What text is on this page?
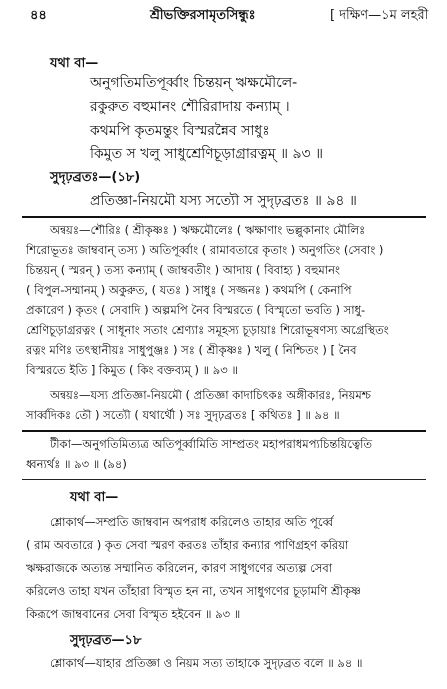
৪৪	শ্রীভক্তিরসামৃতসিন্ধুঃ	[ দক্ষিণ—১ম লহরী
যথা বা—
অনুগতিমতিপূর্ব্বাং চিন্তয়ন্ ঋক্ষমৌলে-
রকুরুত বহুমানং শৌরিরাদায় কন্যাম্ ।
কথমপি কৃতমন্তুং বিস্মরন্নৈব সাধুঃ
কিমুত স খলু সাধুশ্রেণিচূড়াগ্রারত্নম্ ॥ ৯৩ ॥
সুদৃঢ়ব্রতঃ—(১৮)
প্রতিজ্ঞা-নিয়মৌ যস্য সত্যৌ স সুদৃঢ়ব্রতঃ ॥ ৯৪ ॥
অন্বয়ঃ—শৌরিঃ ( শ্রীকৃষ্ণঃ ) ঋক্ষমৌলেঃ ( ঋক্ষাণাং ভল্লুকানাং মৌলিঃ
শিরোভূতঃ জাম্ববান্ তস্য ) অতিপূর্ব্বাং ( রামাবতারে কৃতাং ) অনুগতিং (সেবাং )
চিন্তয়ন্ ( স্মরন্ ) তস্য কন্যাম্ ( জাম্ববতীং ) আদায় ( বিবাহ্য ) বহুমানং
( বিপুল-সম্মানম্ ) অকুরুত, ( যতঃ ) সাধুঃ ( সজ্জনঃ ) কথমপি ( কেনাপি
প্রকারেণ ) কৃতং ( সেবাদি ) অল্পমপি নৈব বিস্মরতে ( বিস্মৃতো ভবতি ) সাধু-
শ্রেণিচূড়াগ্ররত্নং ( সাধূনাং সতাং শ্রেণ্যাঃ সমূহস্য চূড়ায়াঃ শিরোভূষণস্য অগ্রেস্থিতং
রত্নং মণিঃ তৎস্থানীয়ঃ সাধুপুঞ্জঃ ) সঃ ( শ্রীকৃষ্ণঃ ) খলু ( নিশ্চিতং ) [ নৈব
বিস্মরতে ইতি ] কিমুত ( কিং বক্তব্যম্ ) ॥ ৯৩ ॥
অন্বয়ঃ—যস্য প্রতিজ্ঞা-নিয়মৌ ( প্রতিজ্ঞা কাদাচিৎকঃ অঙ্গীকারঃ, নিয়মশ্চ
সার্ব্বদিকঃ তৌ ) সত্যৌ ( যথার্থৌ ) সঃ সুদৃঢ়ব্রতঃ [ কথিতঃ ] ॥ ৯৪ ॥
টীকা—অনুগতিমিত্যত্র অতিপূর্ব্বামিতি সাম্প্রতং মহাপরাধমপ্যচিন্তয়িত্বেতি
ধ্বন্যর্থঃ ॥ ৯৩ ॥ (৯৪)
যথা বা—
শ্লোকার্থ—সম্প্রতি জাম্ববান অপরাধ করিলেও তাহার অতি পূর্ব্বে
( রাম অবতারে ) কৃত সেবা স্মরণ করতঃ তাঁহার কন্যার পাণিগ্রহণ করিয়া
ঋক্ষরাজকে অত্যন্ত সম্মানিত করিলেন, কারণ সাধুগণের অত্যল্প সেবা
করিলেও তাহা যখন তাঁহারা বিস্মৃত হন না, তখন সাধুগণের চূড়ামণি শ্রীকৃষ্ণ
কিরূপে জাম্ববানের সেবা বিস্মৃত হইবেন ॥ ৯৩ ॥
সুদৃঢ়ব্রত—১৮
শ্লোকার্থ—যাহার প্রতিজ্ঞা ও নিয়ম সত্য তাহাকে সুদৃঢ়ব্রত বলে ॥ ৯৪ ॥
